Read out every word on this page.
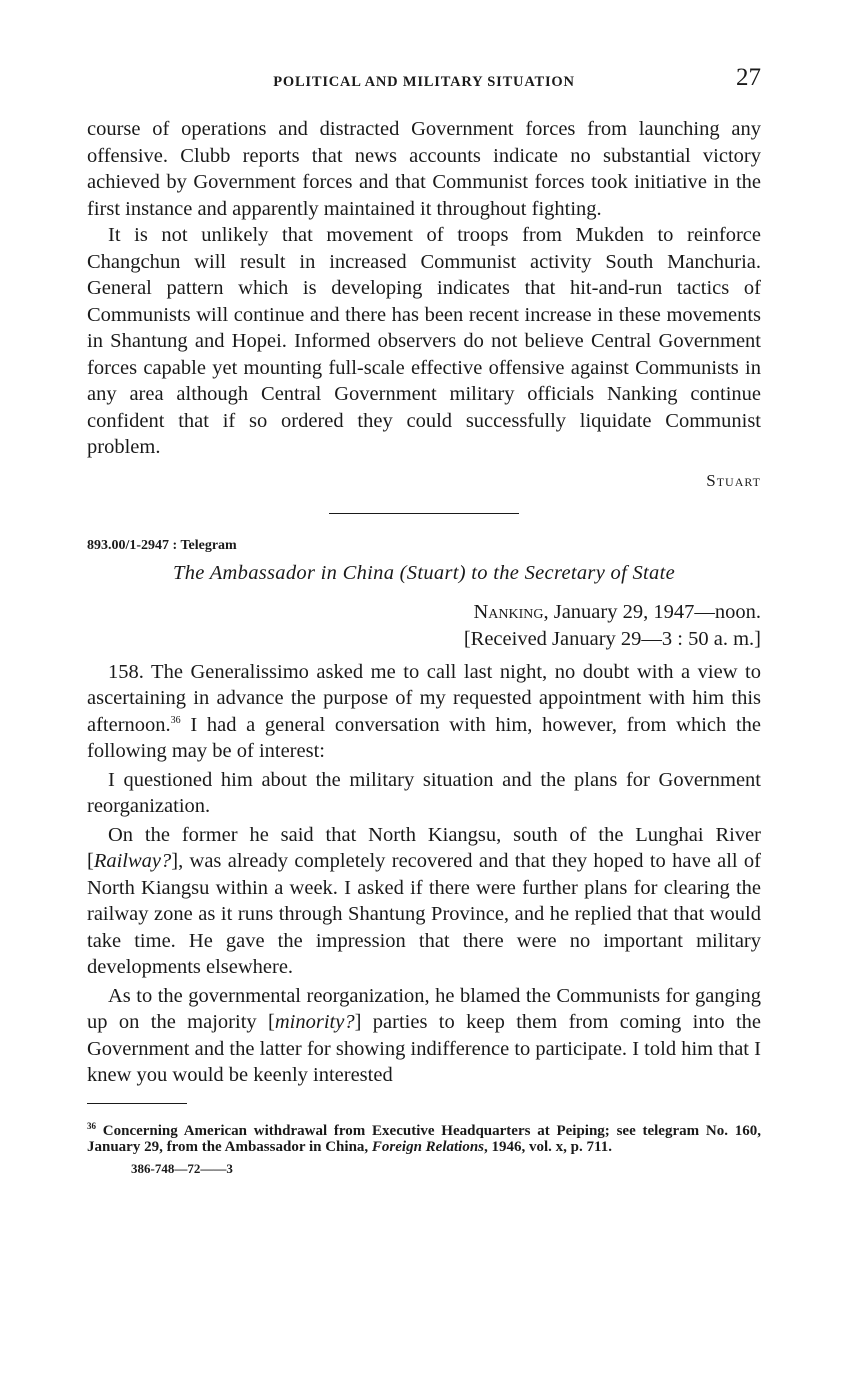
POLITICAL AND MILITARY SITUATION	27

course of operations and distracted Government forces from launching any offensive. Clubb reports that news accounts indicate no substantial victory achieved by Government forces and that Communist forces took initiative in the first instance and apparently maintained it throughout fighting.

It is not unlikely that movement of troops from Mukden to reinforce Changchun will result in increased Communist activity South Manchuria. General pattern which is developing indicates that hit-and-run tactics of Communists will continue and there has been recent increase in these movements in Shantung and Hopei. Informed observers do not believe Central Government forces capable yet mounting full-scale effective offensive against Communists in any area although Central Government military officials Nanking continue confident that if so ordered they could successfully liquidate Communist problem.

Stuart
893.00/1-2947 : Telegram
The Ambassador in China (Stuart) to the Secretary of State
Nanking, January 29, 1947—noon.
[Received January 29—3 : 50 a. m.]

158. The Generalissimo asked me to call last night, no doubt with a view to ascertaining in advance the purpose of my requested appointment with him this afternoon.$^{36}$ I had a general conversation with him, however, from which the following may be of interest:

I questioned him about the military situation and the plans for Government reorganization.

On the former he said that North Kiangsu, south of the Lunghai River [Railway?], was already completely recovered and that they hoped to have all of North Kiangsu within a week. I asked if there were further plans for clearing the railway zone as it runs through Shantung Province, and he replied that that would take time. He gave the impression that there were no important military developments elsewhere.

As to the governmental reorganization, he blamed the Communists for ganging up on the majority [minority?] parties to keep them from coming into the Government and the latter for showing indifference to participate. I told him that I knew you would be keenly interested

$^{36}$ Concerning American withdrawal from Executive Headquarters at Peiping; see telegram No. 160, January 29, from the Ambassador in China, Foreign Relations, 1946, vol. x, p. 711.
386-748—72——3
